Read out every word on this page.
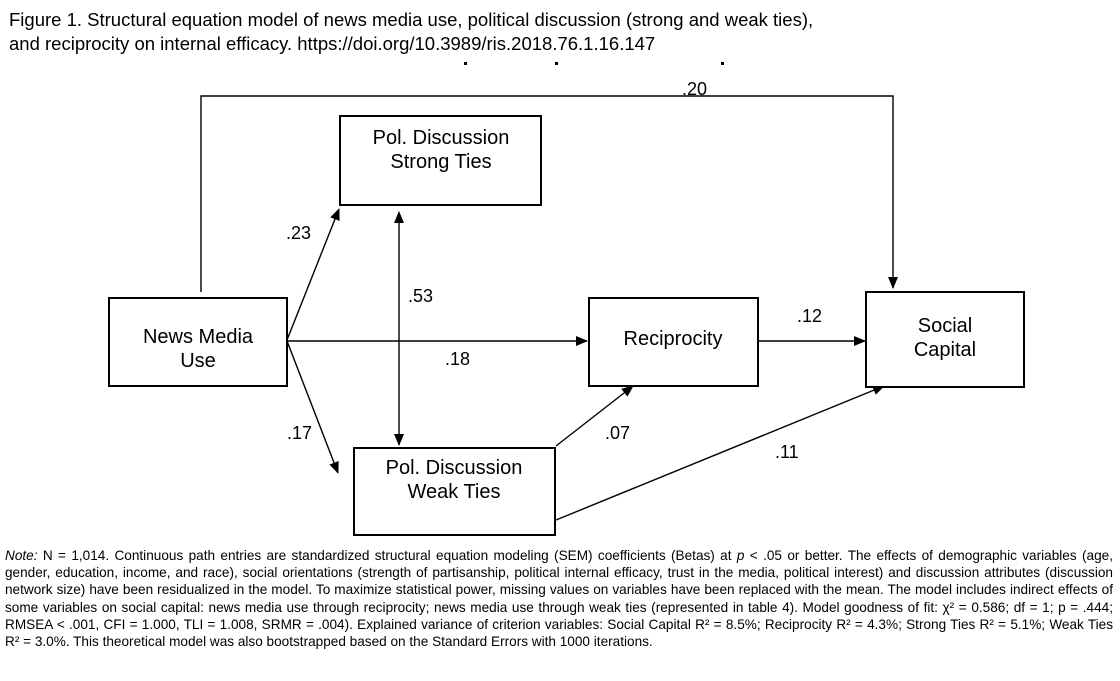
Figure 1. Structural equation model of news media use, political discussion (strong and weak ties),
and reciprocity on internal efficacy. https://doi.org/10.3989/ris.2018.76.1.16.147
News Media
Use
Pol. Discussion
Strong Ties
Pol. Discussion
Weak Ties
Reciprocity
Social
Capital
.20
.23
.53
.18
.12
.17	.07
.11
Note: N = 1,014. Continuous path entries are standardized structural equation modeling (SEM) coefficients (Betas) at p < .05 or better. The effects of demographic variables (age, gender, education, income, and race), social orientations (strength of partisanship, political internal efficacy, trust in the media, political interest) and discussion attributes (discussion network size) have been residualized in the model. To maximize statistical power, missing values on variables have been replaced with the mean. The model includes indirect effects of some variables on social capital: news media use through reciprocity; news media use through weak ties (represented in table 4). Model goodness of fit: χ² = 0.586; df = 1; p = .444; RMSEA < .001, CFI = 1.000, TLI = 1.008, SRMR = .004). Explained variance of criterion variables: Social Capital R² = 8.5%; Reciprocity R² = 4.3%; Strong Ties R² = 5.1%; Weak Ties R² = 3.0%. This theoretical model was also bootstrapped based on the Standard Errors with 1000 iterations.
